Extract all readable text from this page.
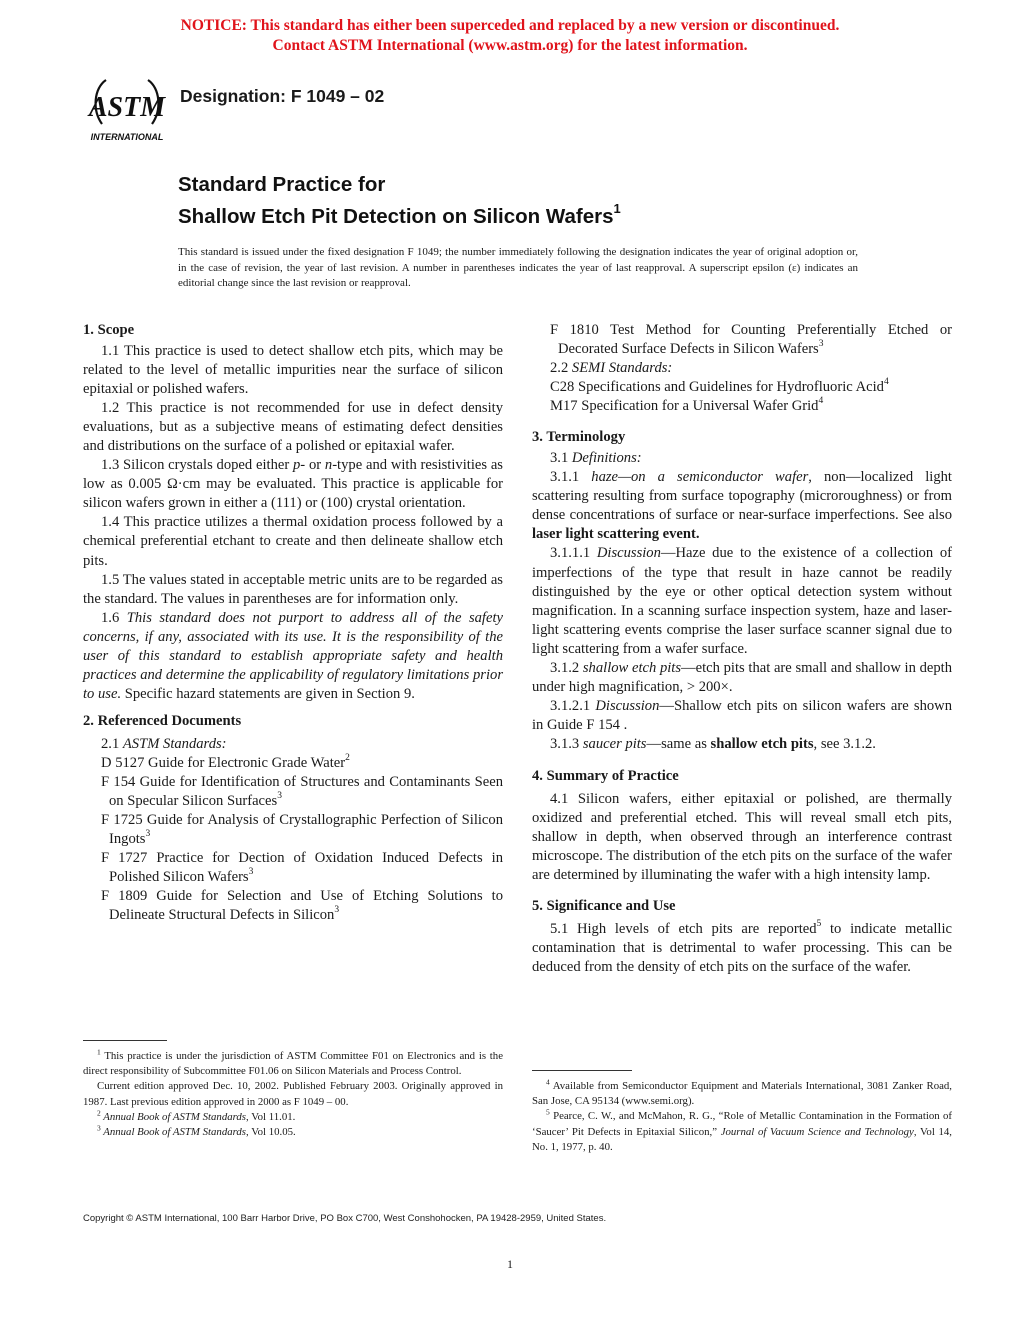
NOTICE: This standard has either been superceded and replaced by a new version or discontinued.
Contact ASTM International (www.astm.org) for the latest information.
ASTM
INTERNATIONAL
Designation: F 1049 – 02
Standard Practice for
Shallow Etch Pit Detection on Silicon Wafers$^1$
This standard is issued under the fixed designation F 1049; the number immediately following the designation indicates the year of original adoption or, in the case of revision, the year of last revision. A number in parentheses indicates the year of last reapproval. A superscript epsilon (ε) indicates an editorial change since the last revision or reapproval.
1. Scope

1.1 This practice is used to detect shallow etch pits, which may be related to the level of metallic impurities near the surface of silicon epitaxial or polished wafers.

1.2 This practice is not recommended for use in defect density evaluations, but as a subjective means of estimating defect densities and distributions on the surface of a polished or epitaxial wafer.

1.3 Silicon crystals doped either p- or n-type and with resistivities as low as 0.005 Ω·cm may be evaluated. This practice is applicable for silicon wafers grown in either a (111) or (100) crystal orientation.

1.4 This practice utilizes a thermal oxidation process followed by a chemical preferential etchant to create and then delineate shallow etch pits.

1.5 The values stated in acceptable metric units are to be regarded as the standard. The values in parentheses are for information only.

1.6 This standard does not purport to address all of the safety concerns, if any, associated with its use. It is the responsibility of the user of this standard to establish appropriate safety and health practices and determine the applicability of regulatory limitations prior to use. Specific hazard statements are given in Section 9.

2. Referenced Documents

2.1 ASTM Standards:

D 5127 Guide for Electronic Grade Water$^2$
F 154 Guide for Identification of Structures and Contaminants Seen on Specular Silicon Surfaces$^3$
F 1725 Guide for Analysis of Crystallographic Perfection of Silicon Ingots$^3$
F 1727 Practice for Dection of Oxidation Induced Defects in Polished Silicon Wafers$^3$
F 1809 Guide for Selection and Use of Etching Solutions to Delineate Structural Defects in Silicon$^3$

$^1$ This practice is under the jurisdiction of ASTM Committee F01 on Electronics and is the direct responsibility of Subcommittee F01.06 on Silicon Materials and Process Control.

Current edition approved Dec. 10, 2002. Published February 2003. Originally approved in 1987. Last previous edition approved in 2000 as F 1049 – 00.

$^2$ Annual Book of ASTM Standards, Vol 11.01.

$^3$ Annual Book of ASTM Standards, Vol 10.05.

F 1810 Test Method for Counting Preferentially Etched or Decorated Surface Defects in Silicon Wafers$^3$

2.2 SEMI Standards:

C28 Specifications and Guidelines for Hydrofluoric Acid$^4$
M17 Specification for a Universal Wafer Grid$^4$
3. Terminology

3.1 Definitions:

3.1.1 haze—on a semiconductor wafer, non—localized light scattering resulting from surface topography (microroughness) or from dense concentrations of surface or near-surface imperfections. See also laser light scattering event.

3.1.1.1 Discussion—Haze due to the existence of a collection of imperfections of the type that result in haze cannot be readily distinguished by the eye or other optical detection system without magnification. In a scanning surface inspection system, haze and laser-light scattering events comprise the laser surface scanner signal due to light scattering from a wafer surface.

3.1.2 shallow etch pits—etch pits that are small and shallow in depth under high magnification, > 200×.

3.1.2.1 Discussion—Shallow etch pits on silicon wafers are shown in Guide F 154 .

3.1.3 saucer pits—same as shallow etch pits, see 3.1.2.

4. Summary of Practice

4.1 Silicon wafers, either epitaxial or polished, are thermally oxidized and preferential etched. This will reveal small etch pits, shallow in depth, when observed through an interference contrast microscope. The distribution of the etch pits on the surface of the wafer are determined by illuminating the wafer with a high intensity lamp.

5. Significance and Use

5.1 High levels of etch pits are reported$^5$ to indicate metallic contamination that is detrimental to wafer processing. This can be deduced from the density of etch pits on the surface of the wafer.

$^4$ Available from Semiconductor Equipment and Materials International, 3081 Zanker Road, San Jose, CA 95134 (www.semi.org).

$^5$ Pearce, C. W., and McMahon, R. G., “Role of Metallic Contamination in the Formation of ‘Saucer’ Pit Defects in Epitaxial Silicon,” Journal of Vacuum Science and Technology, Vol 14, No. 1, 1977, p. 40.

Copyright © ASTM International, 100 Barr Harbor Drive, PO Box C700, West Conshohocken, PA 19428-2959, United States.
1
